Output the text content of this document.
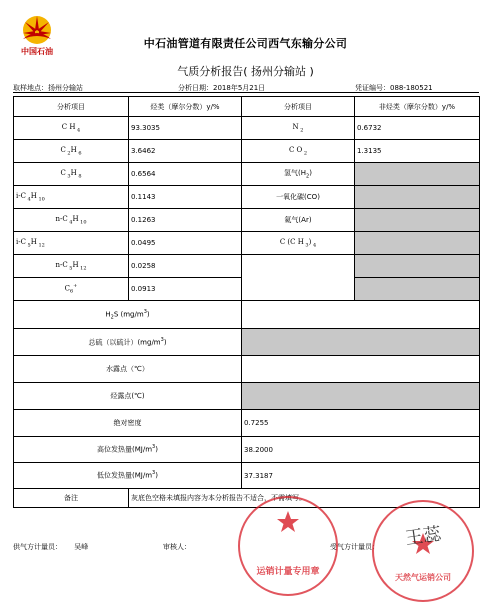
中国石油
中石油管道有限责任公司西气东输分公司
气质分析报告( 扬州分输站 )
取样地点：扬州分输站	分析日期：2018年5月21日	凭证编号：088-180521
分析项目	烃类（摩尔分数）y/%	分析项目	非烃类（摩尔分数）y/%
C H $_4$	93.3035	N $_2$	0.6732
C $_2$H $_6$	3.6462	C O $_2$	1.3135
C $_3$H $_8$	0.6564	氢气$(H_2)$	
i-C $_4$H $_{10}$	0.1143	一氧化碳(CO)	
n-C $_4$H $_{10}$	0.1263	氦气(Ar)	
i-C $_5$H $_{12}$	0.0495	C (C H $_3$) $_4$	
n-C $_5$H $_{12}$	0.0258		
$C_6^+$	0.0913		
$H_2S$ $(mg/m^3)$			
总硫（以硫计）$(mg/m^3)$			
水露点（℃）			
烃露点(℃)			
绝对密度		0.7255	
高位发热量$(MJ/m^3)$		38.2000	
低位发热量$(MJ/m^3)$		37.3187	
备注	灰底色空格未填报内容为本分析报告不适合，不需填写。		
供气方计量员： 吴峰	审核人：	受气方计量员：
运销计量专用章
天然气运销公司
王蕊
